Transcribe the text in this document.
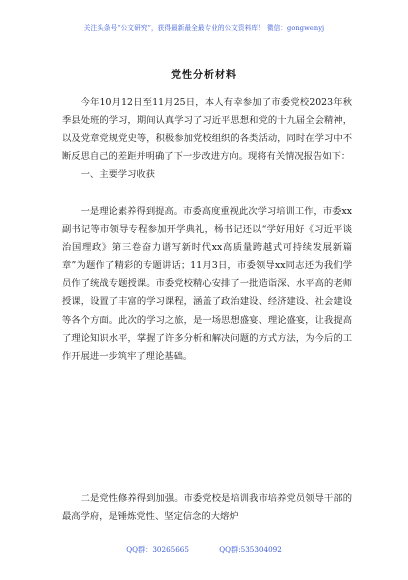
关注头条号“公文研究”，获得最新最全最专业的公文资料库！ 微信：gongwenyj
党性分析材料

今年10月12日至11月25日，本人有幸参加了市委党校2023年秋季县处班的学习，期间认真学习了习近平思想和党的十九届全会精神，以及党章党规党史等，积极参加党校组织的各类活动，同时在学习中不断反思自己的差距并明确了下一步改进方向。现将有关情况报告如下：

一、主要学习收获

一是理论素养得到提高。市委高度重视此次学习培训工作，市委xx副书记等市领导专程参加开学典礼，杨书记还以“学好用好《习近平谈治国理政》第三卷奋力谱写新时代xx高质量跨越式可持续发展新篇章”为题作了精彩的专题讲话；11月3日，市委领导xx同志还为我们学员作了统战专题授课。市委党校精心安排了一批造诣深、水平高的老师授课，设置了丰富的学习课程，涵盖了政治建设、经济建设、社会建设等各个方面。此次的学习之旅，是一场思想盛宴、理论盛宴，让我提高了理论知识水平，掌握了许多分析和解决问题的方式方法，为今后的工作开展进一步筑牢了理论基础。

二是党性修养得到加强。市委党校是培训我市培养党员领导干部的最高学府，是锤炼党性、坚定信念的大熔炉

QQ群：30265665	QQ群:535304092
